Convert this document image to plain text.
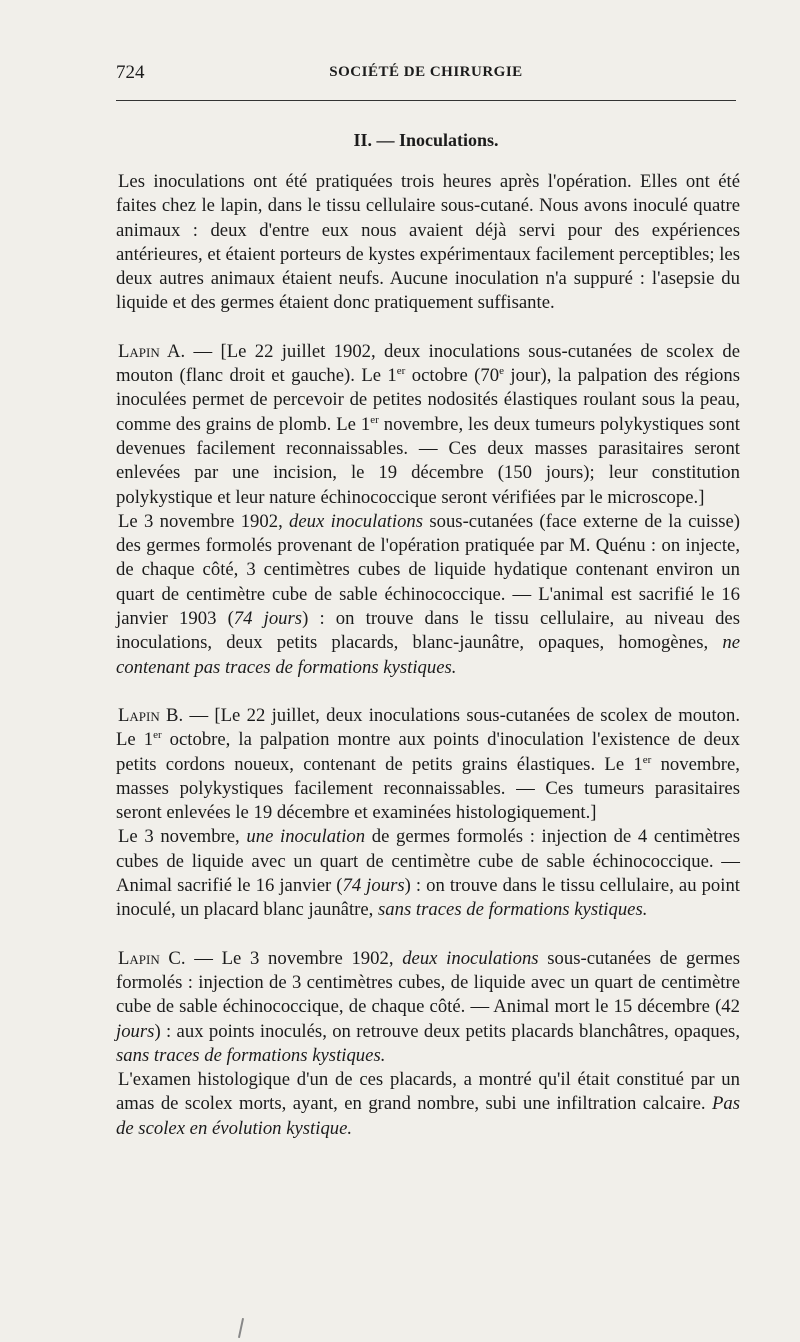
724	SOCIÉTÉ DE CHIRURGIE
II. — Inoculations.

Les inoculations ont été pratiquées trois heures après l'opération. Elles ont été faites chez le lapin, dans le tissu cellulaire sous-cutané. Nous avons inoculé quatre animaux : deux d'entre eux nous avaient déjà servi pour des expériences antérieures, et étaient porteurs de kystes expérimentaux facilement perceptibles; les deux autres animaux étaient neufs. Aucune inoculation n'a suppuré : l'asepsie du liquide et des germes étaient donc pratiquement suffisante.

Lapin A. — [Le 22 juillet 1902, deux inoculations sous-cutanées de scolex de mouton (flanc droit et gauche). Le 1er octobre (70e jour), la palpation des régions inoculées permet de percevoir de petites nodosités élastiques roulant sous la peau, comme des grains de plomb. Le 1er novembre, les deux tumeurs polykystiques sont devenues facilement reconnaissables. — Ces deux masses parasitaires seront enlevées par une incision, le 19 décembre (150 jours); leur constitution polykystique et leur nature échinococcique seront vérifiées par le microscope.]

Le 3 novembre 1902, deux inoculations sous-cutanées (face externe de la cuisse) des germes formolés provenant de l'opération pratiquée par M. Quénu : on injecte, de chaque côté, 3 centimètres cubes de liquide hydatique contenant environ un quart de centimètre cube de sable échinococcique. — L'animal est sacrifié le 16 janvier 1903 (74 jours) : on trouve dans le tissu cellulaire, au niveau des inoculations, deux petits placards, blanc-jaunâtre, opaques, homogènes, ne contenant pas traces de formations kystiques.

Lapin B. — [Le 22 juillet, deux inoculations sous-cutanées de scolex de mouton. Le 1er octobre, la palpation montre aux points d'inoculation l'existence de deux petits cordons noueux, contenant de petits grains élastiques. Le 1er novembre, masses polykystiques facilement reconnaissables. — Ces tumeurs parasitaires seront enlevées le 19 décembre et examinées histologiquement.]

Le 3 novembre, une inoculation de germes formolés : injection de 4 centimètres cubes de liquide avec un quart de centimètre cube de sable échinococcique. — Animal sacrifié le 16 janvier (74 jours) : on trouve dans le tissu cellulaire, au point inoculé, un placard blanc jaunâtre, sans traces de formations kystiques.

Lapin C. — Le 3 novembre 1902, deux inoculations sous-cutanées de germes formolés : injection de 3 centimètres cubes, de liquide avec un quart de centimètre cube de sable échinococcique, de chaque côté. — Animal mort le 15 décembre (42 jours) : aux points inoculés, on retrouve deux petits placards blanchâtres, opaques, sans traces de formations kystiques.

L'examen histologique d'un de ces placards, a montré qu'il était constitué par un amas de scolex morts, ayant, en grand nombre, subi une infiltration calcaire. Pas de scolex en évolution kystique.
